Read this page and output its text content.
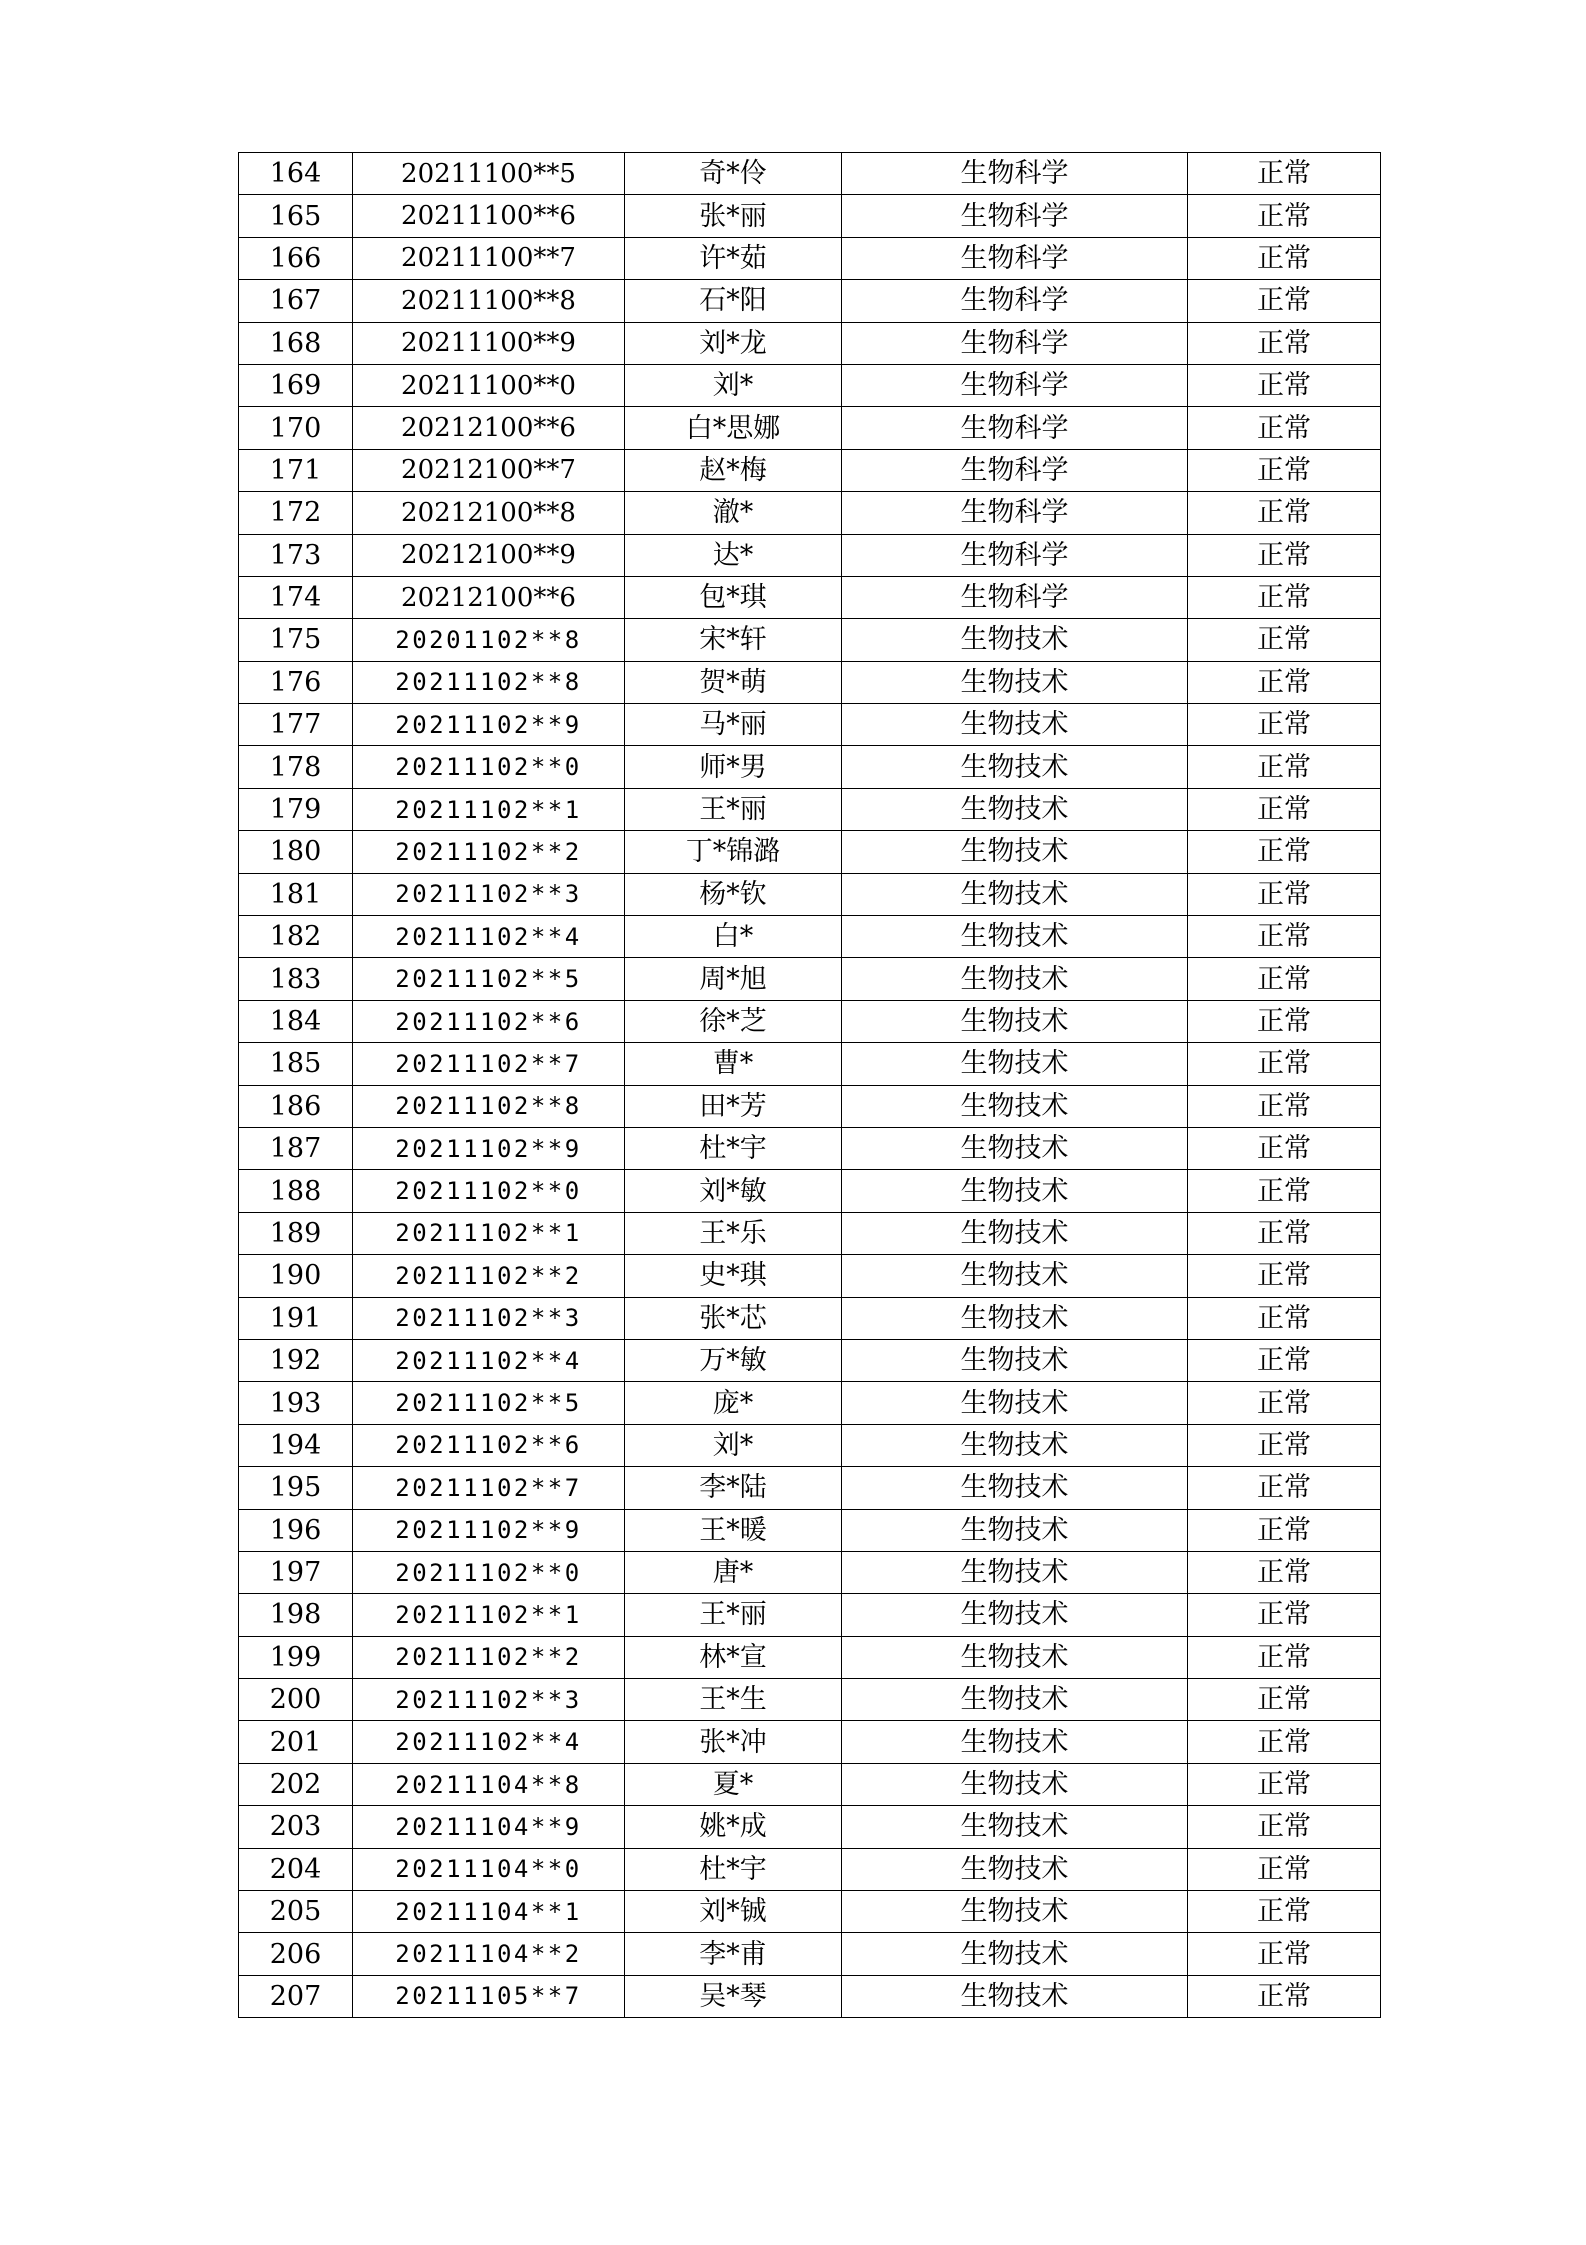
164	20211100**5	奇*伶	生物科学	正常
165	20211100**6	张*丽	生物科学	正常
166	20211100**7	许*茹	生物科学	正常
167	20211100**8	石*阳	生物科学	正常
168	20211100**9	刘*龙	生物科学	正常
169	20211100**0	刘*	生物科学	正常
170	20212100**6	白*思娜	生物科学	正常
171	20212100**7	赵*梅	生物科学	正常
172	20212100**8	澈*	生物科学	正常
173	20212100**9	达*	生物科学	正常
174	20212100**6	包*琪	生物科学	正常
175	20201102**8	宋*轩	生物技术	正常
176	20211102**8	贺*萌	生物技术	正常
177	20211102**9	马*丽	生物技术	正常
178	20211102**0	师*男	生物技术	正常
179	20211102**1	王*丽	生物技术	正常
180	20211102**2	丁*锦潞	生物技术	正常
181	20211102**3	杨*钦	生物技术	正常
182	20211102**4	白*	生物技术	正常
183	20211102**5	周*旭	生物技术	正常
184	20211102**6	徐*芝	生物技术	正常
185	20211102**7	曹*	生物技术	正常
186	20211102**8	田*芳	生物技术	正常
187	20211102**9	杜*宇	生物技术	正常
188	20211102**0	刘*敏	生物技术	正常
189	20211102**1	王*乐	生物技术	正常
190	20211102**2	史*琪	生物技术	正常
191	20211102**3	张*芯	生物技术	正常
192	20211102**4	万*敏	生物技术	正常
193	20211102**5	庞*	生物技术	正常
194	20211102**6	刘*	生物技术	正常
195	20211102**7	李*陆	生物技术	正常
196	20211102**9	王*暖	生物技术	正常
197	20211102**0	唐*	生物技术	正常
198	20211102**1	王*丽	生物技术	正常
199	20211102**2	林*宣	生物技术	正常
200	20211102**3	王*生	生物技术	正常
201	20211102**4	张*冲	生物技术	正常
202	20211104**8	夏*	生物技术	正常
203	20211104**9	姚*成	生物技术	正常
204	20211104**0	杜*宇	生物技术	正常
205	20211104**1	刘*铖	生物技术	正常
206	20211104**2	李*甫	生物技术	正常
207	20211105**7	吴*琴	生物技术	正常
